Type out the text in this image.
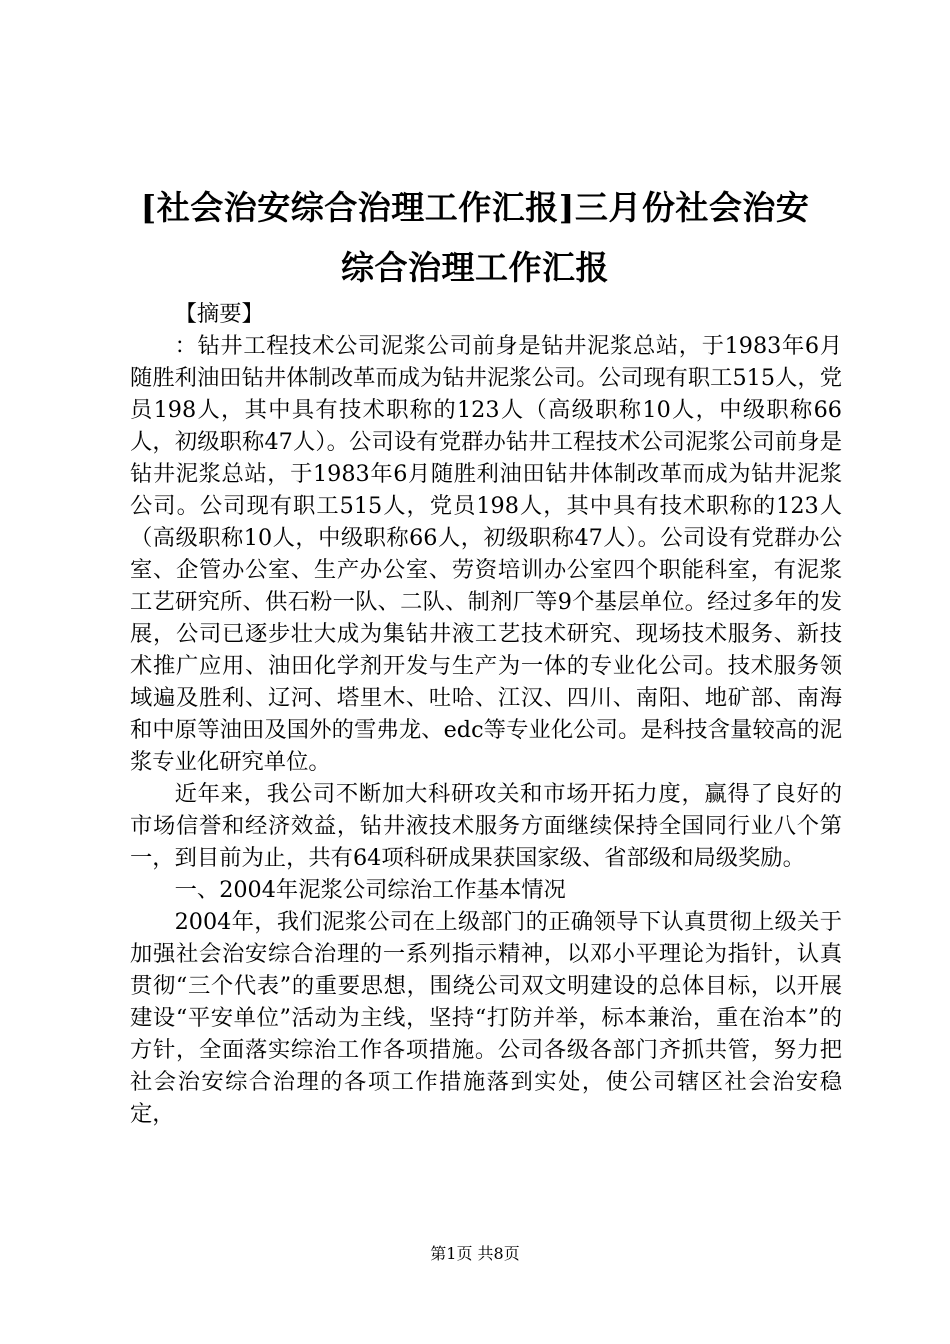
[社会治安综合治理工作汇报]三月份社会治安
综合治理工作汇报

【摘要】

：钻井工程技术公司泥浆公司前身是钻井泥浆总站，于1983年6月随胜利油田钻井体制改革而成为钻井泥浆公司。公司现有职工515人，党员198人，其中具有技术职称的123人（高级职称10人，中级职称66人，初级职称47人）。公司设有党群办钻井工程技术公司泥浆公司前身是钻井泥浆总站，于1983年6月随胜利油田钻井体制改革而成为钻井泥浆公司。公司现有职工515人，党员198人，其中具有技术职称的123人（高级职称10人，中级职称66人，初级职称47人）。公司设有党群办公室、企管办公室、生产办公室、劳资培训办公室四个职能科室，有泥浆工艺研究所、供石粉一队、二队、制剂厂等9个基层单位。经过多年的发展，公司已逐步壮大成为集钻井液工艺技术研究、现场技术服务、新技术推广应用、油田化学剂开发与生产为一体的专业化公司。技术服务领域遍及胜利、辽河、塔里木、吐哈、江汉、四川、南阳、地矿部、南海和中原等油田及国外的雪弗龙、edc等专业化公司。是科技含量较高的泥浆专业化研究单位。

近年来，我公司不断加大科研攻关和市场开拓力度，赢得了良好的市场信誉和经济效益，钻井液技术服务方面继续保持全国同行业八个第一，到目前为止，共有64项科研成果获国家级、省部级和局级奖励。

一、2004年泥浆公司综治工作基本情况

2004年，我们泥浆公司在上级部门的正确领导下认真贯彻上级关于加强社会治安综合治理的一系列指示精神，以邓小平理论为指针，认真贯彻“三个代表”的重要思想，围绕公司双文明建设的总体目标，以开展建设“平安单位”活动为主线，坚持“打防并举，标本兼治，重在治本”的方针，全面落实综治工作各项措施。公司各级各部门齐抓共管，努力把社会治安综合治理的各项工作措施落到实处，使公司辖区社会治安稳定，

第1页 共8页
